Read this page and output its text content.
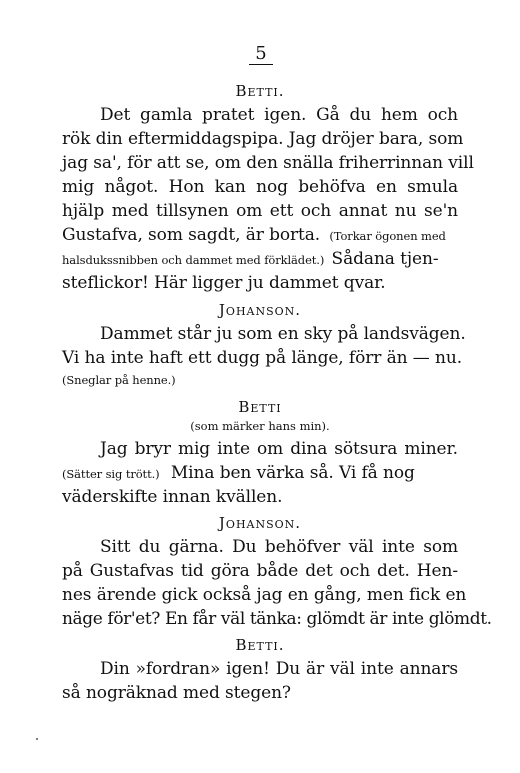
5
Betti.
Det gamla pratet igen. Gå du hem och
rök din eftermiddagspipa. Jag dröjer bara, som
jag sa', för att se, om den snälla friherrinnan vill
mig något. Hon kan nog behöfva en smula
hjälp med tillsynen om ett och annat nu se'n
Gustafva, som sagdt, är borta. (Torkar ögonen med
halsdukssnibben och dammet med förklädet.) Sådana tjen-
steflickor! Här ligger ju dammet qvar.
Johanson.
Dammet står ju som en sky på landsvägen.
Vi ha inte haft ett dugg på länge, förr än — nu.
(Sneglar på henne.)
Betti
(som märker hans min).
Jag bryr mig inte om dina sötsura miner.
(Sätter sig trött.) Mina ben värka så. Vi få nog
väderskifte innan kvällen.
Johanson.
Sitt du gärna. Du behöfver väl inte som
på Gustafvas tid göra både det och det. Hen-
nes ärende gick också jag en gång, men fick en
näge för'et? En får väl tänka: glömdt är inte glömdt.
Betti.
Din »fordran» igen! Du är väl inte annars
så nogräknad med stegen?
